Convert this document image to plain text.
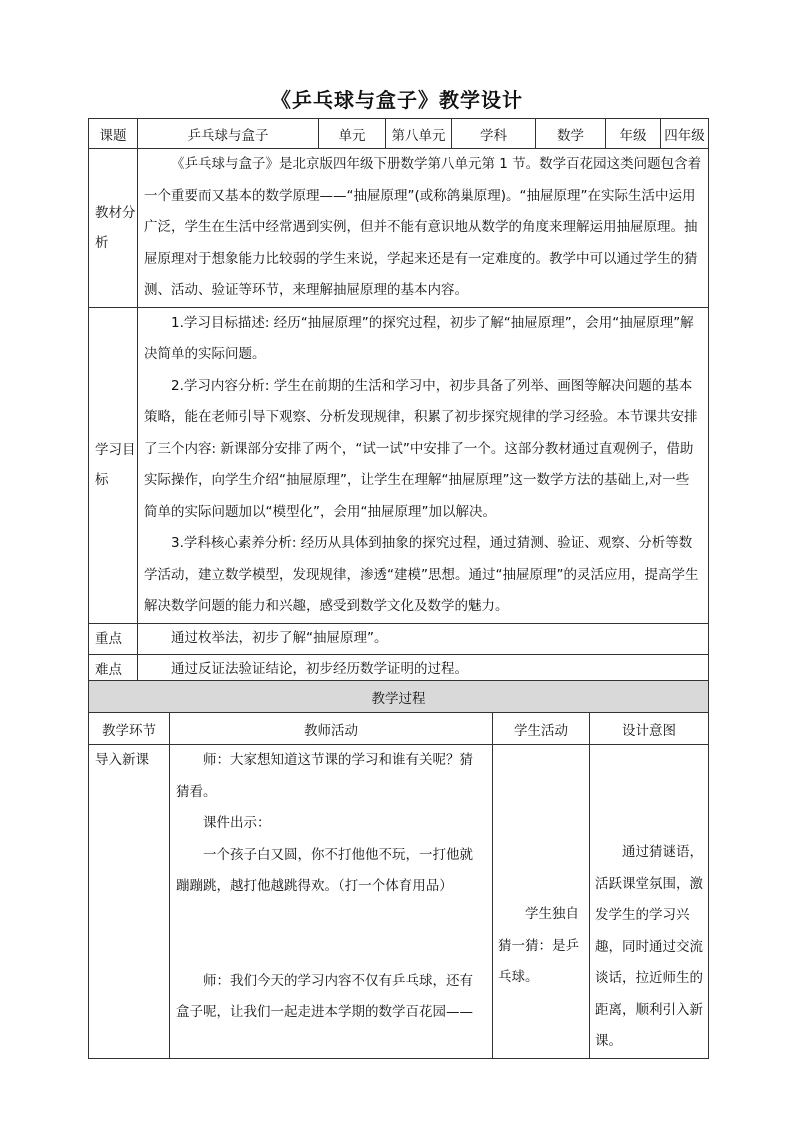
《乒乓球与盒子》教学设计
课题	乒乓球与盒子	单元	第八单元	学科	数学	年级	四年级
教材分析	《乒乓球与盒子》是北京版四年级下册数学第八单元第 1 节。数学百花园这类问题包含着一个重要而又基本的数学原理——“抽屉原理”(或称鸽巢原理)。“抽屉原理”在实际生活中运用广泛，学生在生活中经常遇到实例，但并不能有意识地从数学的角度来理解运用抽屉原理。抽屉原理对于想象能力比较弱的学生来说，学起来还是有一定难度的。教学中可以通过学生的猜测、活动、验证等环节，来理解抽屉原理的基本内容。						

学习目标	1.学习目标描述: 经历“抽屉原理”的探究过程，初步了解“抽屉原理”，会用“抽屉原理”解决简单的实际问题。

2.学习内容分析: 学生在前期的生活和学习中，初步具备了列举、画图等解决问题的基本策略，能在老师引导下观察、分析发现规律，积累了初步探究规律的学习经验。本节课共安排了三个内容: 新课部分安排了两个，“试一试”中安排了一个。这部分教材通过直观例子，借助实际操作，向学生介绍“抽屉原理”，让学生在理解“抽屉原理”这一数学方法的基础上,对一些简单的实际问题加以“模型化”，会用“抽屉原理”加以解决。

3.学科核心素养分析: 经历从具体到抽象的探究过程，通过猜测、验证、观察、分析等数学活动，建立数学模型，发现规律，渗透“建模”思想。通过“抽屉原理”的灵活应用，提高学生解决数学问题的能力和兴趣，感受到数学文化及数学的魅力。						

重点	通过枚举法，初步了解“抽屉原理”。						

难点	通过反证法验证结论，初步经历数学证明的过程。						

教学过程			
教学环节	教师活动	学生活动	设计意图
导入新课	师：大家想知道这节课的学习和谁有关呢？猜猜看。

课件出示：

一个孩子白又圆，你不打他他不玩，一打他就蹦蹦跳，越打他越跳得欢。（打一个体育用品）

师：我们今天的学习内容不仅有乒乓球，还有盒子呢，让我们一起走进本学期的数学百花园——	学生独自猜一猜：是乒乓球。	通过猜谜语，活跃课堂氛围，激发学生的学习兴趣，同时通过交流谈话，拉近师生的距离，顺利引入新课。
